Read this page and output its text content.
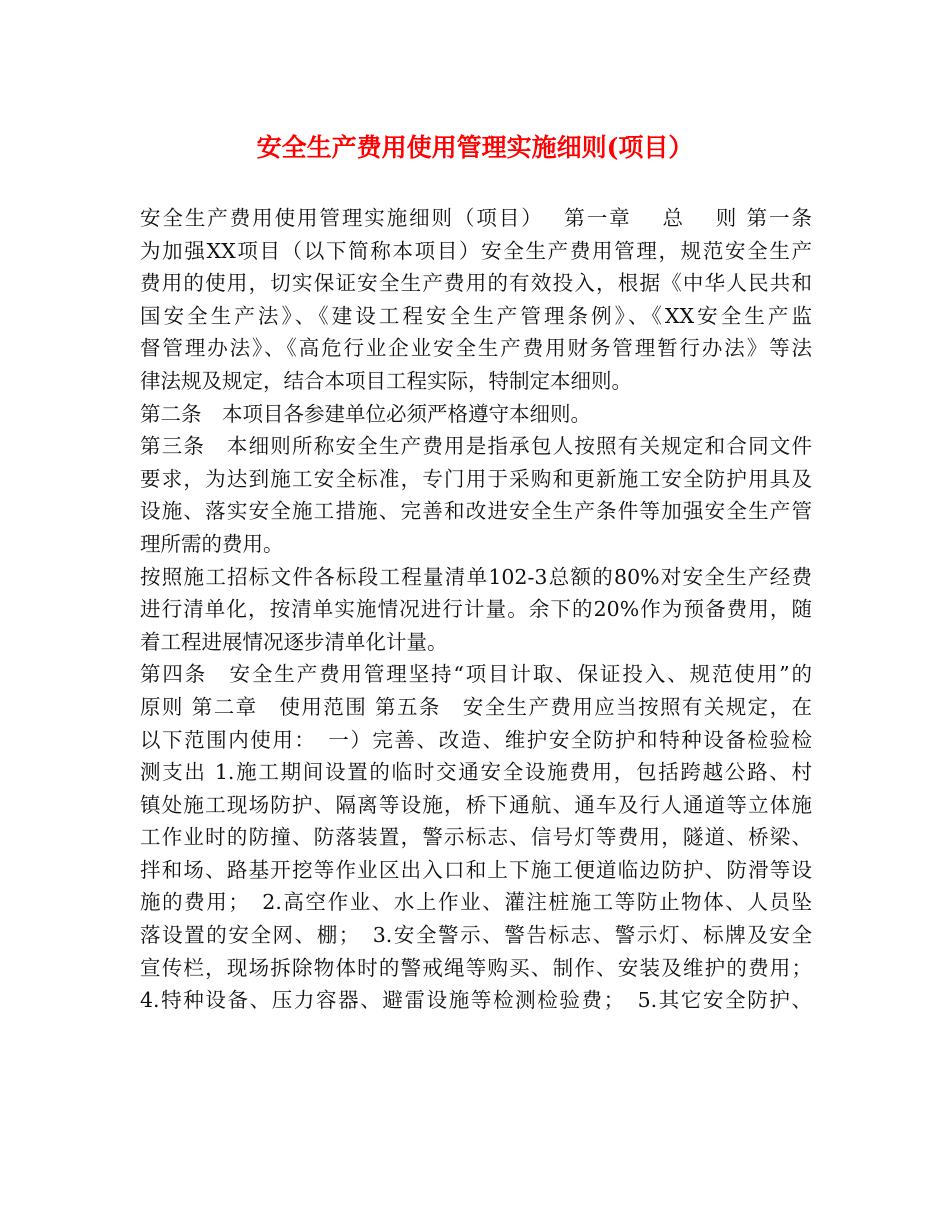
安全生产费用使用管理实施细则(项目）
安全生产费用使用管理实施细则（项目）　 第一章　 总　 则 第一条
为加强XX项目（以下简称本项目）安全生产费用管理，规范安全生产
费用的使用，切实保证安全生产费用的有效投入，根据《中华人民共和
国安全生产法》、《建设工程安全生产管理条例》、《XX安全生产监
督管理办法》、《高危行业企业安全生产费用财务管理暂行办法》等法
律法规及规定，结合本项目工程实际，特制定本细则。
第二条　本项目各参建单位必须严格遵守本细则。
第三条　本细则所称安全生产费用是指承包人按照有关规定和合同文件
要求，为达到施工安全标准，专门用于采购和更新施工安全防护用具及
设施、落实安全施工措施、完善和改进安全生产条件等加强安全生产管
理所需的费用。
按照施工招标文件各标段工程量清单102-3总额的80%对安全生产经费
进行清单化，按清单实施情况进行计量。余下的20%作为预备费用，随
着工程进展情况逐步清单化计量。
第四条　安全生产费用管理坚持“项目计取、保证投入、规范使用”的
原则 第二章　使用范围 第五条　安全生产费用应当按照有关规定，在
以下范围内使用：　一）完善、改造、维护安全防护和特种设备检验检
测支出 1.施工期间设置的临时交通安全设施费用，包括跨越公路、村
镇处施工现场防护、隔离等设施，桥下通航、通车及行人通道等立体施
工作业时的防撞、防落装置，警示标志、信号灯等费用，隧道、桥梁、
拌和场、路基开挖等作业区出入口和上下施工便道临边防护、防滑等设
施的费用；　2.高空作业、水上作业、灌注桩施工等防止物体、人员坠
落设置的安全网、棚；　3.安全警示、警告标志、警示灯、标牌及安全
宣传栏，现场拆除物体时的警戒绳等购买、制作、安装及维护的费用；
4.特种设备、压力容器、避雷设施等检测检验费；　5.其它安全防护、
